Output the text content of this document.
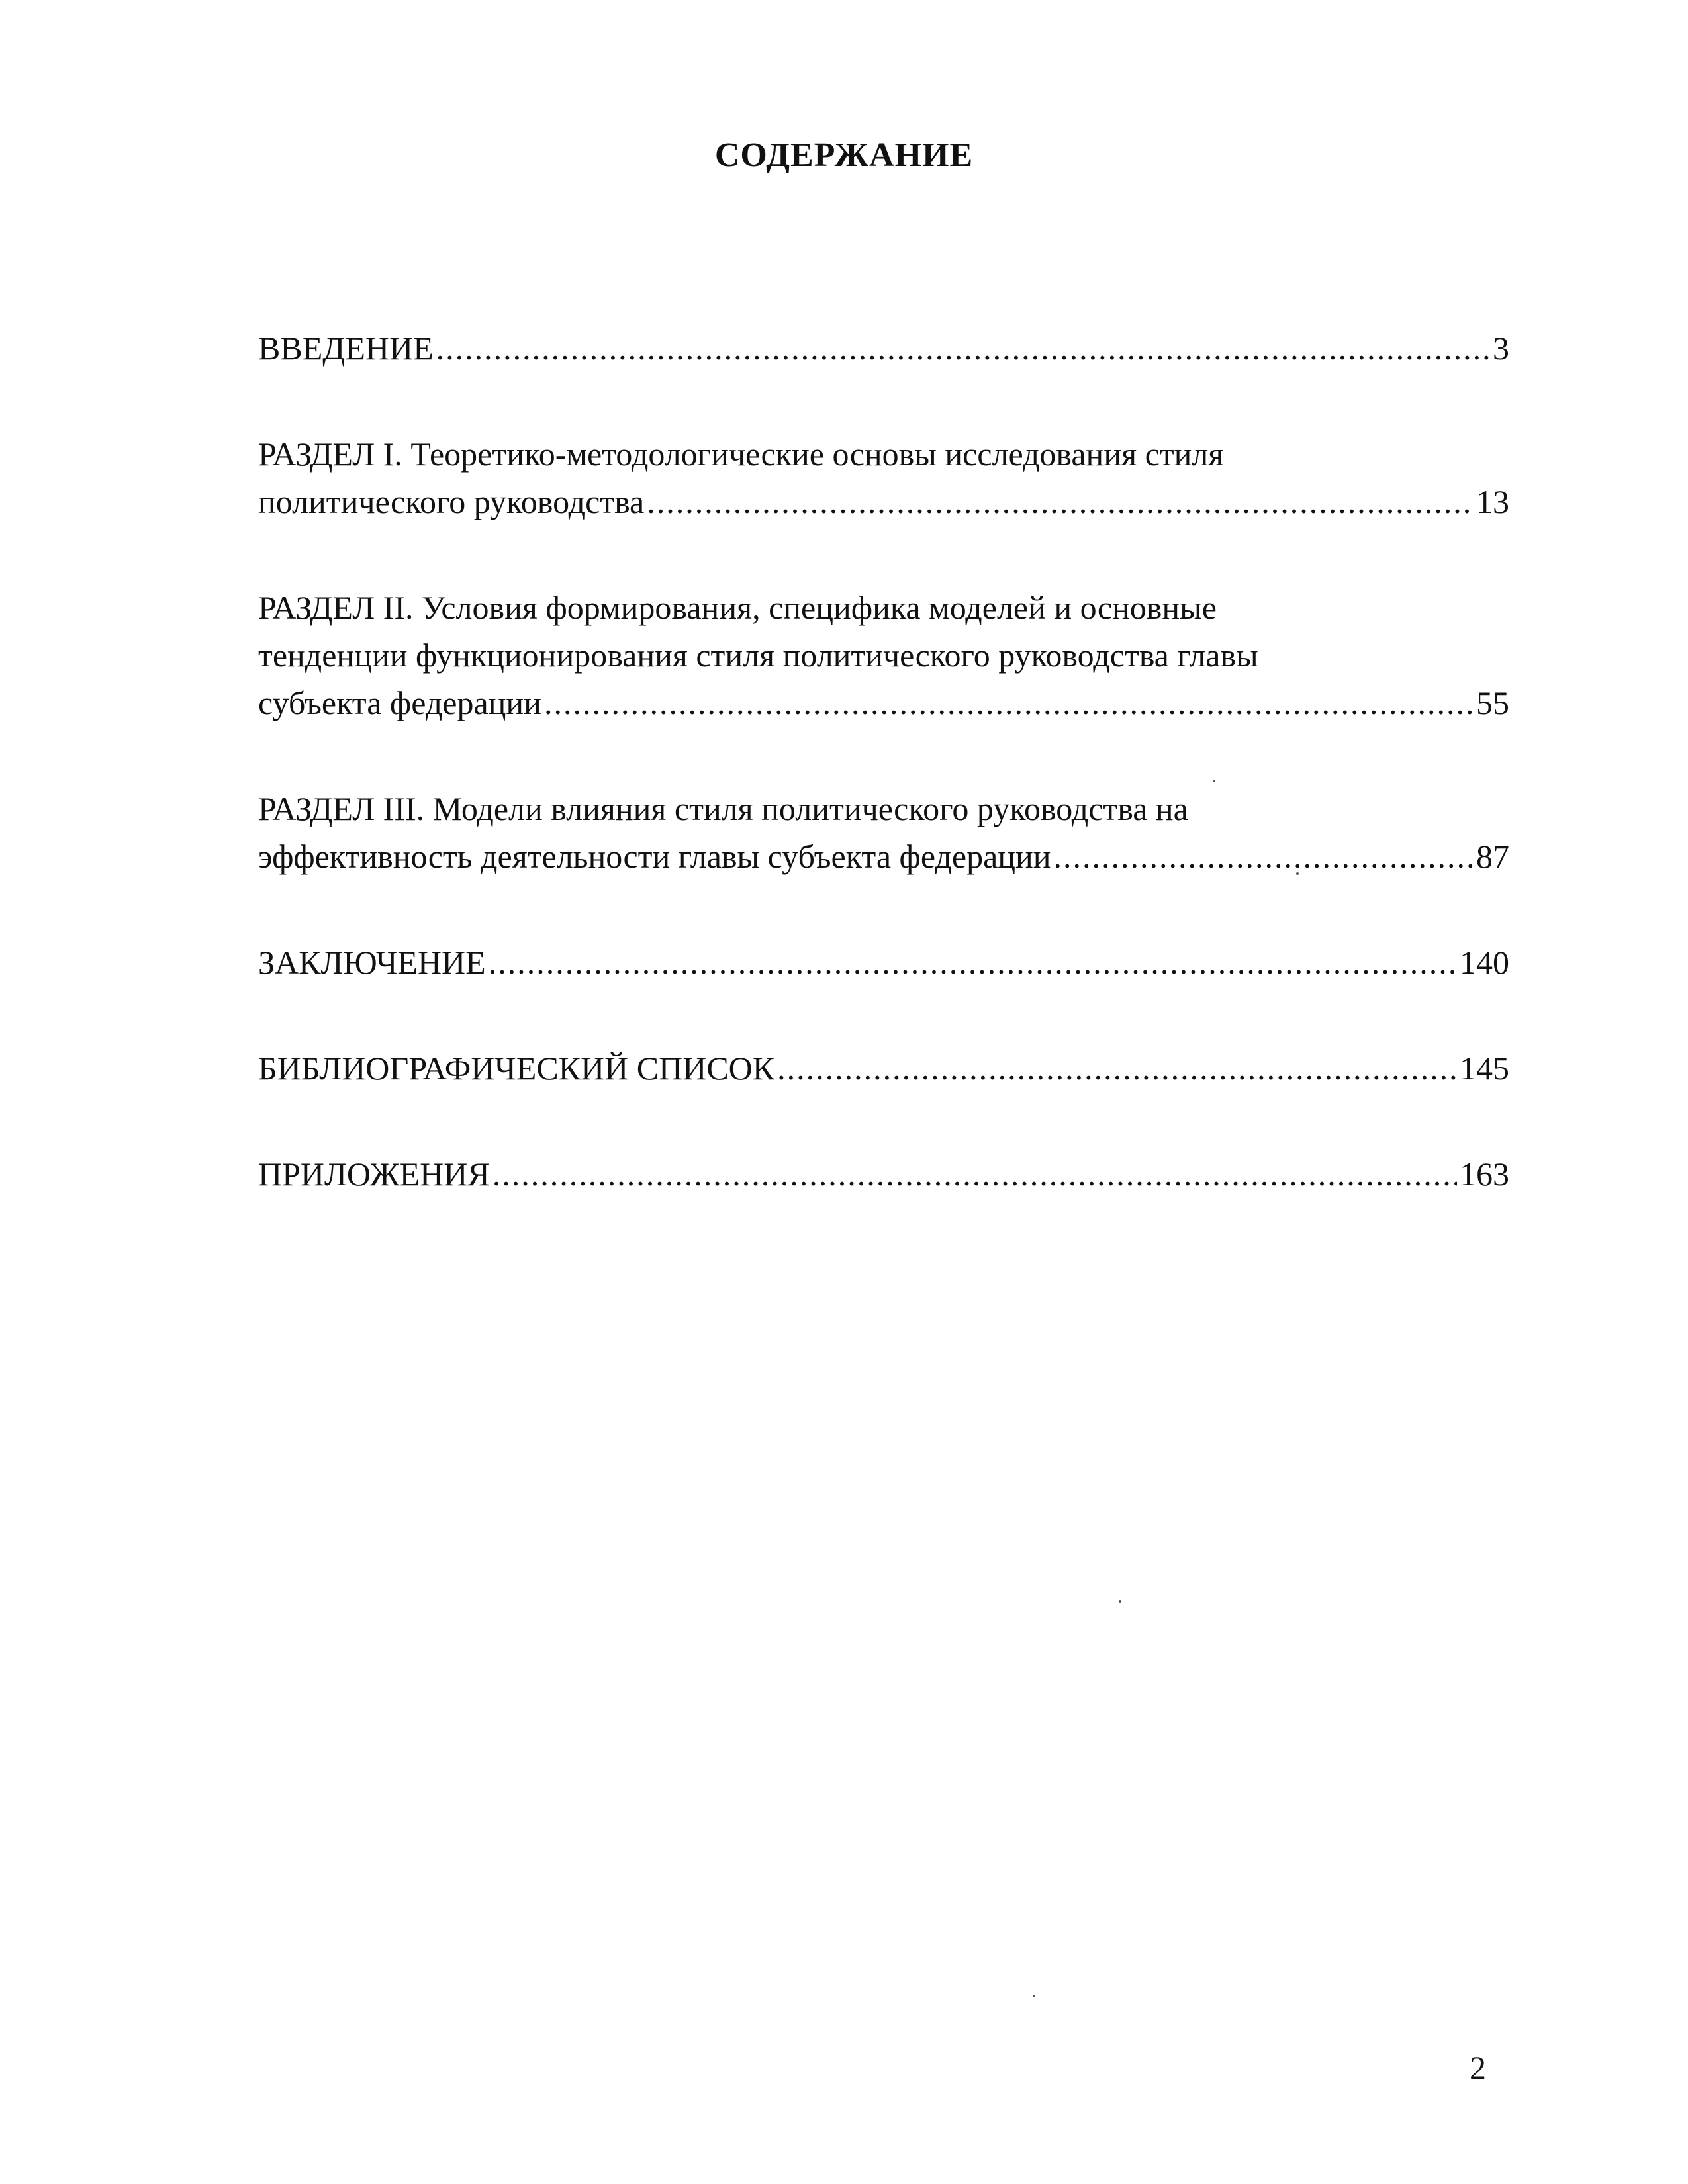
СОДЕРЖАНИЕ
ВВЕДЕНИЕ .....	3
РАЗДЕЛ I. Теоретико-методологические основы исследования стиля
политического руководства .....	13
РАЗДЕЛ II. Условия формирования, специфика моделей и основные
тенденции функционирования стиля политического руководства главы
субъекта федерации .....	55
РАЗДЕЛ III. Модели влияния стиля политического руководства на
эффективность деятельности главы субъекта федерации .....	87
ЗАКЛЮЧЕНИЕ .....	140
БИБЛИОГРАФИЧЕСКИЙ СПИСОК .....	145
ПРИЛОЖЕНИЯ .....	163

2
